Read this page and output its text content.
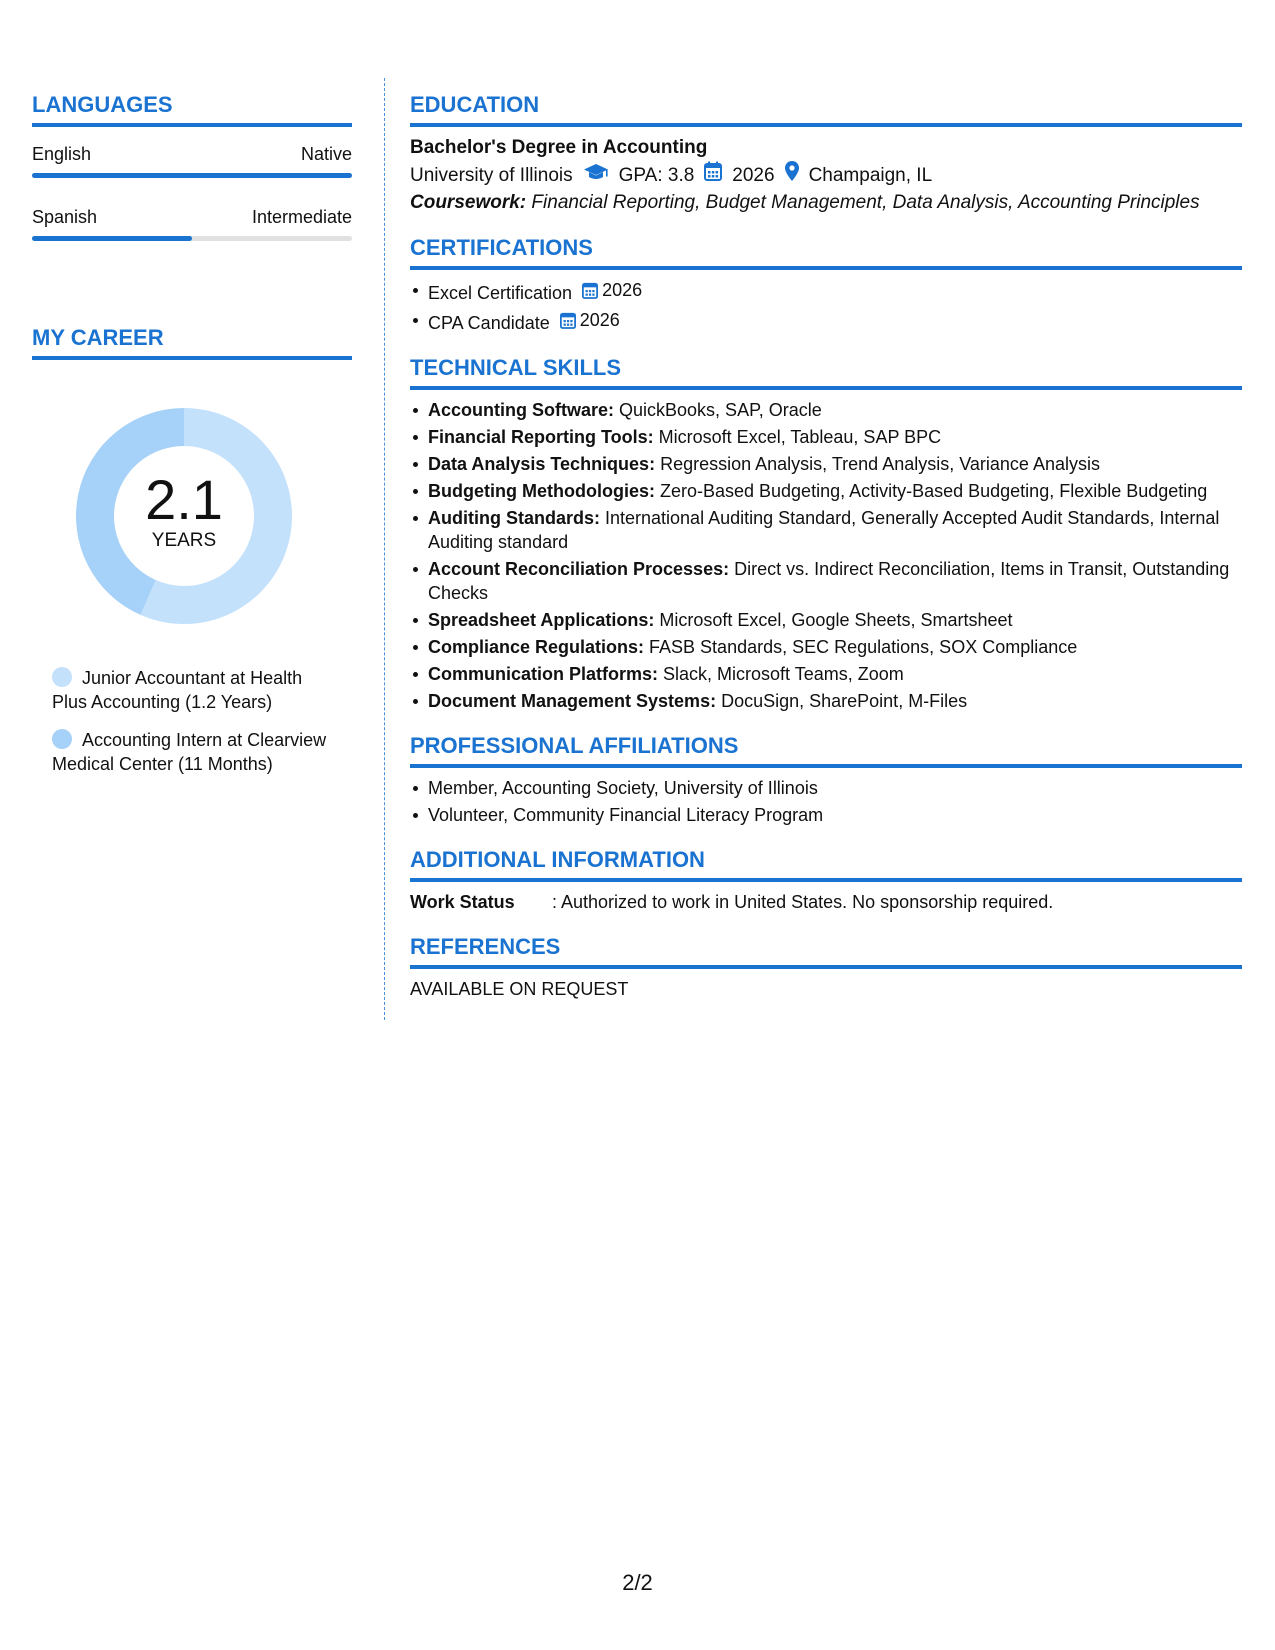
LANGUAGES
English	Native
Spanish	Intermediate
MY CAREER
2.1
YEARS
Junior Accountant at Health Plus Accounting (1.2 Years)
Accounting Intern at Clearview Medical Center (11 Months)
EDUCATION
Bachelor's Degree in Accounting
University of Illinois GPA: 3.8 2026 Champaign, IL
Coursework: Financial Reporting, Budget Management, Data Analysis, Accounting Principles
CERTIFICATIONS
Excel Certification 2026
CPA Candidate 2026
TECHNICAL SKILLS
Accounting Software: QuickBooks, SAP, Oracle
Financial Reporting Tools: Microsoft Excel, Tableau, SAP BPC
Data Analysis Techniques: Regression Analysis, Trend Analysis, Variance Analysis
Budgeting Methodologies: Zero-Based Budgeting, Activity-Based Budgeting, Flexible Budgeting
Auditing Standards: International Auditing Standard, Generally Accepted Audit Standards, Internal Auditing standard
Account Reconciliation Processes: Direct vs. Indirect Reconciliation, Items in Transit, Outstanding Checks
Spreadsheet Applications: Microsoft Excel, Google Sheets, Smartsheet
Compliance Regulations: FASB Standards, SEC Regulations, SOX Compliance
Communication Platforms: Slack, Microsoft Teams, Zoom
Document Management Systems: DocuSign, SharePoint, M-Files
PROFESSIONAL AFFILIATIONS
Member, Accounting Society, University of Illinois
Volunteer, Community Financial Literacy Program
ADDITIONAL INFORMATION
Work Status	: Authorized to work in United States. No sponsorship required.
REFERENCES
AVAILABLE ON REQUEST
2/2
